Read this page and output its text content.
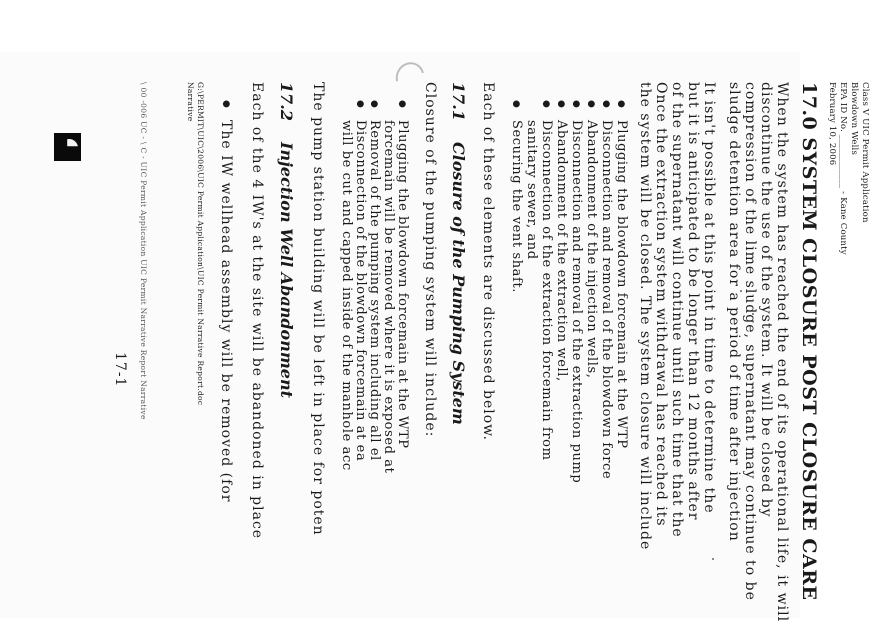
Class V UIC Permit Application
Blowdown Wells
EPA ID No. ____________ - Kane County
February 10, 2006
17.0 SYSTEM CLOSURE POST CLOSURE CARE
When the system has reached the end of its operational life, it will
discontinue the use of the system. It will be closed by
compression of the lime sludge, supernatant may continue to be
sludge detention area for a period of time after injection
It isn't possible at this point in time to determine the
but it is anticipated to be longer than 12 months after
of the supernatant will continue until such time that the
Once the extraction system withdrawal has reached its
the system will be closed. The system closure will include
● Plugging the blowdown forcemain at the WTP
● Disconnection and removal of the blowdown force
● Abandonment of the injection wells,
● Disconnection and removal of the extraction pump
● Abandonment of the extraction well,
● Disconnection of the extraction forcemain from
sanitary sewer, and
● Securing the vent shaft.
Each of these elements are discussed below.
17.1Closure of the Pumping System
Closure of the pumping system will include:
● Plugging the blowdown forcemain at the WTP
forcemain will be removed where it is exposed at
● Removal of the pumping system including all el
● Disconnection of the blowdown forcemain at ea
will be cut and capped inside of the manhole acc
The pump station building will be left in place for poten
17.2Injection Well Abandonment
Each of the 4 IW's at the site will be abandoned in place
● The IW wellhead assembly will be removed (for
G:\PERMIT\UIC\2006\UIC Permit Application\UIC Permit Narrative Report.doc
Narrative
\ 00 -006 UC - \ C - UIC Permit Application UIC Permit Narrative Report Narrative
17-1
